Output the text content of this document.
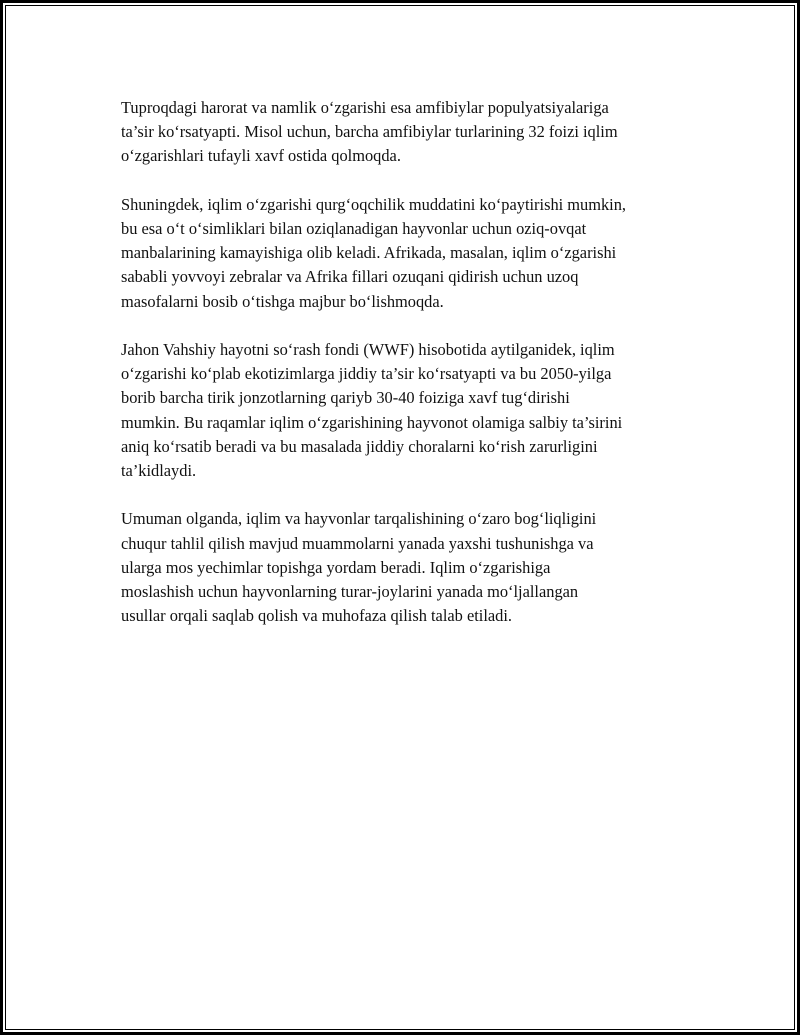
Tuproqdagi harorat va namlik o‘zgarishi esa amfibiylar populyatsiyalariga
ta’sir ko‘rsatyapti. Misol uchun, barcha amfibiylar turlarining 32 foizi iqlim
o‘zgarishlari tufayli xavf ostida qolmoqda.

Shuningdek, iqlim o‘zgarishi qurg‘oqchilik muddatini ko‘paytirishi mumkin,
bu esa o‘t o‘simliklari bilan oziqlanadigan hayvonlar uchun oziq-ovqat
manbalarining kamayishiga olib keladi. Afrikada, masalan, iqlim o‘zgarishi
sababli yovvoyi zebralar va Afrika fillari ozuqani qidirish uchun uzoq
masofalarni bosib o‘tishga majbur bo‘lishmoqda.

Jahon Vahshiy hayotni so‘rash fondi (WWF) hisobotida aytilganidek, iqlim
o‘zgarishi ko‘plab ekotizimlarga jiddiy ta’sir ko‘rsatyapti va bu 2050-yilga
borib barcha tirik jonzotlarning qariyb 30-40 foiziga xavf tug‘dirishi
mumkin. Bu raqamlar iqlim o‘zgarishining hayvonot olamiga salbiy ta’sirini
aniq ko‘rsatib beradi va bu masalada jiddiy choralarni ko‘rish zarurligini
ta’kidlaydi.

Umuman olganda, iqlim va hayvonlar tarqalishining o‘zaro bog‘liqligini
chuqur tahlil qilish mavjud muammolarni yanada yaxshi tushunishga va
ularga mos yechimlar topishga yordam beradi. Iqlim o‘zgarishiga
moslashish uchun hayvonlarning turar-joylarini yanada mo‘ljallangan
usullar orqali saqlab qolish va muhofaza qilish talab etiladi.
